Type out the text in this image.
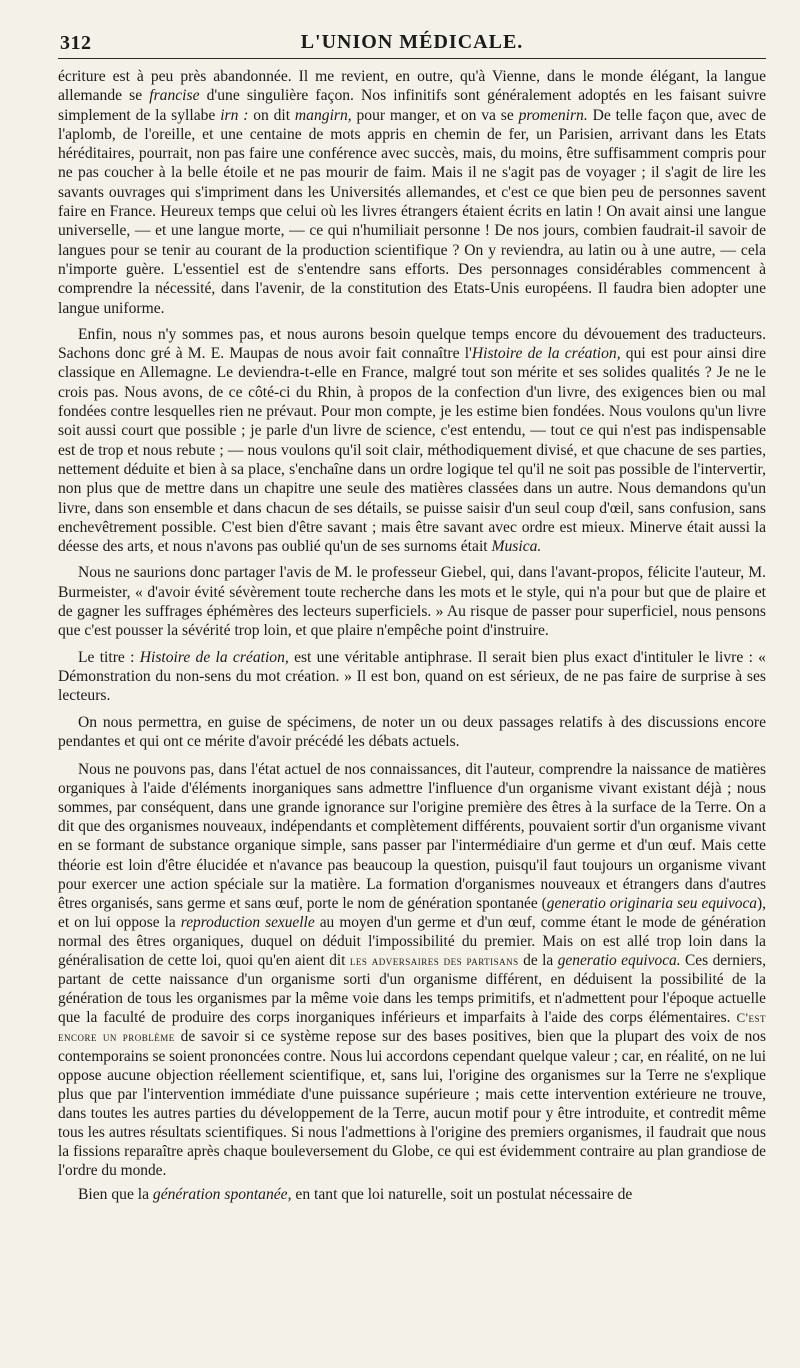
312	L'UNION MÉDICALE.

écriture est à peu près abandonnée. Il me revient, en outre, qu'à Vienne, dans le monde élégant, la langue allemande se francise d'une singulière façon. Nos infinitifs sont généralement adoptés en les faisant suivre simplement de la syllabe irn : on dit mangirn, pour manger, et on va se promenirn. De telle façon que, avec de l'aplomb, de l'oreille, et une centaine de mots appris en chemin de fer, un Parisien, arrivant dans les Etats héréditaires, pourrait, non pas faire une conférence avec succès, mais, du moins, être suffisamment compris pour ne pas coucher à la belle étoile et ne pas mourir de faim. Mais il ne s'agit pas de voyager ; il s'agit de lire les savants ouvrages qui s'impriment dans les Universités allemandes, et c'est ce que bien peu de personnes savent faire en France. Heureux temps que celui où les livres étrangers étaient écrits en latin ! On avait ainsi une langue universelle, — et une langue morte, — ce qui n'humiliait personne ! De nos jours, combien faudrait-il savoir de langues pour se tenir au courant de la production scientifique ? On y reviendra, au latin ou à une autre, — cela n'importe guère. L'essentiel est de s'entendre sans efforts. Des personnages considérables commencent à comprendre la nécessité, dans l'avenir, de la constitution des Etats-Unis européens. Il faudra bien adopter une langue uniforme.

Enfin, nous n'y sommes pas, et nous aurons besoin quelque temps encore du dévouement des traducteurs. Sachons donc gré à M. E. Maupas de nous avoir fait connaître l'Histoire de la création, qui est pour ainsi dire classique en Allemagne. Le deviendra-t-elle en France, malgré tout son mérite et ses solides qualités ? Je ne le crois pas. Nous avons, de ce côté-ci du Rhin, à propos de la confection d'un livre, des exigences bien ou mal fondées contre lesquelles rien ne prévaut. Pour mon compte, je les estime bien fondées. Nous voulons qu'un livre soit aussi court que possible ; je parle d'un livre de science, c'est entendu, — tout ce qui n'est pas indispensable est de trop et nous rebute ; — nous voulons qu'il soit clair, méthodiquement divisé, et que chacune de ses parties, nettement déduite et bien à sa place, s'enchaîne dans un ordre logique tel qu'il ne soit pas possible de l'intervertir, non plus que de mettre dans un chapitre une seule des matières classées dans un autre. Nous demandons qu'un livre, dans son ensemble et dans chacun de ses détails, se puisse saisir d'un seul coup d'œil, sans confusion, sans enchevêtrement possible. C'est bien d'être savant ; mais être savant avec ordre est mieux. Minerve était aussi la déesse des arts, et nous n'avons pas oublié qu'un de ses surnoms était Musica.

Nous ne saurions donc partager l'avis de M. le professeur Giebel, qui, dans l'avant-propos, félicite l'auteur, M. Burmeister, « d'avoir évité sévèrement toute recherche dans les mots et le style, qui n'a pour but que de plaire et de gagner les suffrages éphémères des lecteurs superficiels. » Au risque de passer pour superficiel, nous pensons que c'est pousser la sévérité trop loin, et que plaire n'empêche point d'instruire.

Le titre : Histoire de la création, est une véritable antiphrase. Il serait bien plus exact d'intituler le livre : « Démonstration du non-sens du mot création. » Il est bon, quand on est sérieux, de ne pas faire de surprise à ses lecteurs.

On nous permettra, en guise de spécimens, de noter un ou deux passages relatifs à des discussions encore pendantes et qui ont ce mérite d'avoir précédé les débats actuels.

Nous ne pouvons pas, dans l'état actuel de nos connaissances, dit l'auteur, comprendre la naissance de matières organiques à l'aide d'éléments inorganiques sans admettre l'influence d'un organisme vivant existant déjà ; nous sommes, par conséquent, dans une grande ignorance sur l'origine première des êtres à la surface de la Terre. On a dit que des organismes nouveaux, indépendants et complètement différents, pouvaient sortir d'un organisme vivant en se formant de substance organique simple, sans passer par l'intermédiaire d'un germe et d'un œuf. Mais cette théorie est loin d'être élucidée et n'avance pas beaucoup la question, puisqu'il faut toujours un organisme vivant pour exercer une action spéciale sur la matière. La formation d'organismes nouveaux et étrangers dans d'autres êtres organisés, sans germe et sans œuf, porte le nom de génération spontanée (generatio originaria seu equivoca), et on lui oppose la reproduction sexuelle au moyen d'un germe et d'un œuf, comme étant le mode de génération normal des êtres organiques, duquel on déduit l'impossibilité du premier. Mais on est allé trop loin dans la généralisation de cette loi, quoi qu'en aient dit les adversaires des partisans de la generatio equivoca. Ces derniers, partant de cette naissance d'un organisme sorti d'un organisme différent, en déduisent la possibilité de la génération de tous les organismes par la même voie dans les temps primitifs, et n'admettent pour l'époque actuelle que la faculté de produire des corps inorganiques inférieurs et imparfaits à l'aide des corps élémentaires. C'est encore un problème de savoir si ce système repose sur des bases positives, bien que la plupart des voix de nos contemporains se soient prononcées contre. Nous lui accordons cependant quelque valeur ; car, en réalité, on ne lui oppose aucune objection réellement scientifique, et, sans lui, l'origine des organismes sur la Terre ne s'explique plus que par l'intervention immédiate d'une puissance supérieure ; mais cette intervention extérieure ne trouve, dans toutes les autres parties du développement de la Terre, aucun motif pour y être introduite, et contredit même tous les autres résultats scientifiques. Si nous l'admettions à l'origine des premiers organismes, il faudrait que nous la fissions reparaître après chaque bouleversement du Globe, ce qui est évidemment contraire au plan grandiose de l'ordre du monde.

Bien que la génération spontanée, en tant que loi naturelle, soit un postulat nécessaire de
